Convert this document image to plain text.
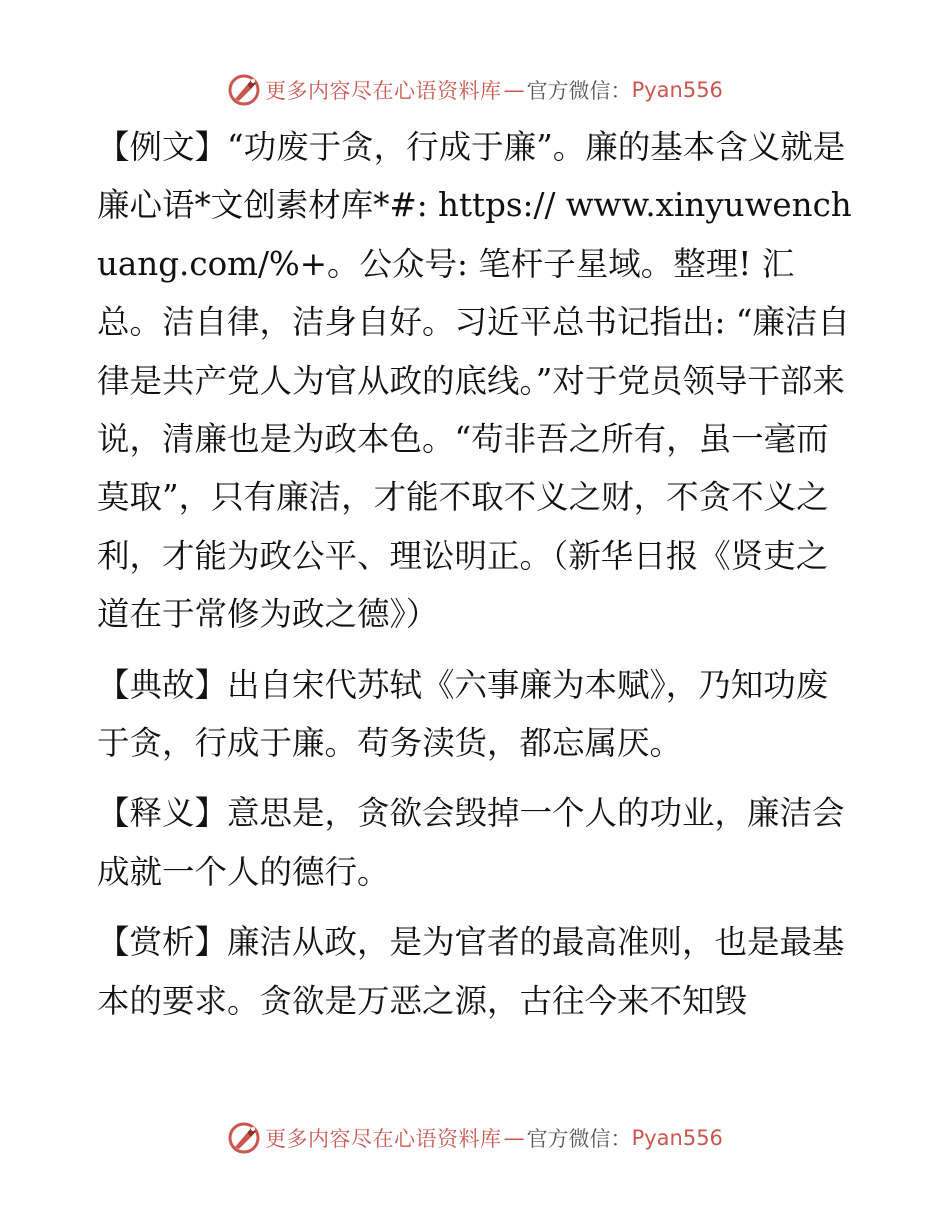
更多内容尽在心语资料库 — 官方微信： Pyan556

【例文】“功废于贪，行成于廉”。廉的基本含义就是廉心语*文创素材库*#: https:// www.xinyuwenchuang.com/%+。公众号: 笔杆子星域。整理! 汇总。洁自律，洁身自好。习近平总书记指出: “廉洁自律是共产党人为官从政的底线。”对于党员领导干部来说，清廉也是为政本色。“苟非吾之所有，虽一毫而莫取”，只有廉洁，才能不取不义之财，不贪不义之利，才能为政公平、理讼明正。（新华日报《贤吏之道在于常修为政之德》）

【典故】出自宋代苏轼《六事廉为本赋》，乃知功废于贪，行成于廉。苟务渎货，都忘属厌。

【释义】意思是，贪欲会毁掉一个人的功业，廉洁会成就一个人的德行。

【赏析】廉洁从政，是为官者的最高准则，也是最基本的要求。贪欲是万恶之源，古往今来不知毁

更多内容尽在心语资料库 — 官方微信： Pyan556
